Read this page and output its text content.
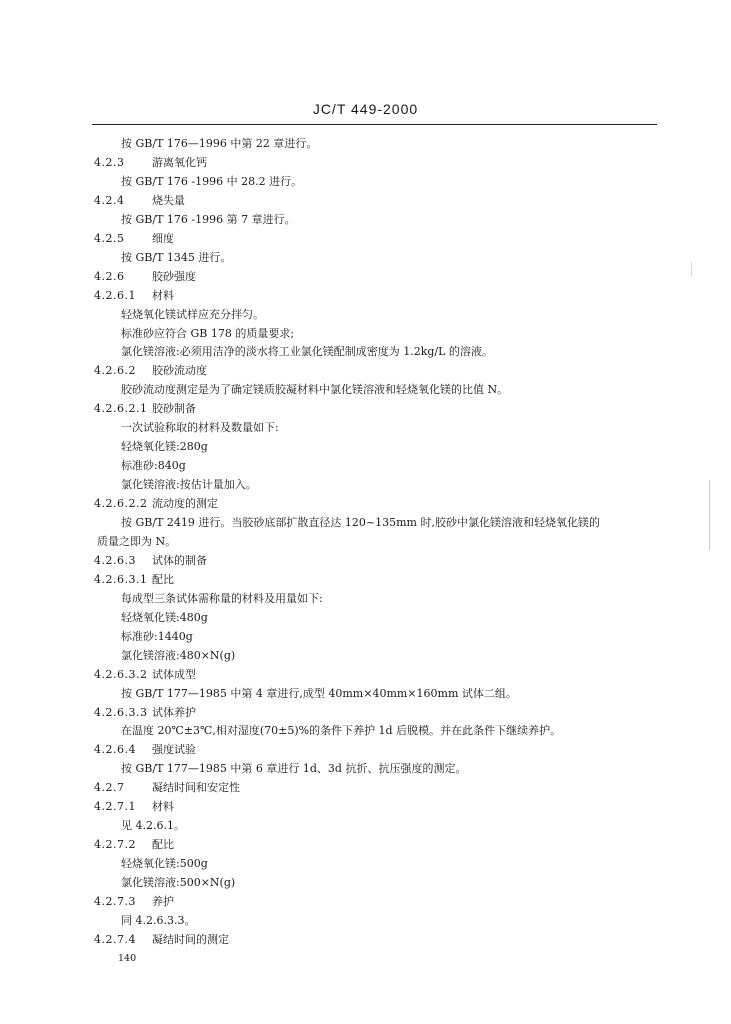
JC/T 449-2000
按 GB/T 176—1996 中第 22 章进行。
4.2.3	游离氧化钙
按 GB/T 176 -1996 中 28.2 进行。
4.2.4	烧失量
按 GB/T 176 -1996 第 7 章进行。
4.2.5	细度
按 GB/T 1345 进行。
4.2.6	胶砂强度
4.2.6.1 材料
轻烧氧化镁试样应充分拌匀。
标准砂应符合 GB 178 的质量要求;
氯化镁溶液:必须用洁净的淡水将工业氯化镁配制成密度为 1.2kg/L 的溶液。
4.2.6.2 胶砂流动度
胶砂流动度测定是为了确定镁质胶凝材料中氯化镁溶液和轻烧氧化镁的比值 N。
4.2.6.2.1 胶砂制备
一次试验称取的材料及数量如下:
轻烧氧化镁:280g
标准砂:840g
氯化镁溶液:按估计量加入。
4.2.6.2.2 流动度的测定
按 GB/T 2419 进行。当胶砂底部扩散直径达 120~135mm 时,胶砂中氯化镁溶液和轻烧氧化镁的
质量之即为 N。
4.2.6.3 试体的制备
4.2.6.3.1 配比
每成型三条试体需称量的材料及用量如下:
轻烧氧化镁:480g
标准砂:1440g
氯化镁溶液:480×N(g)
4.2.6.3.2 试体成型
按 GB/T 177—1985 中第 4 章进行,成型 40mm×40mm×160mm 试体二组。
4.2.6.3.3 试体养护
在温度 20℃±3℃,相对湿度(70±5)%的条件下养护 1d 后脱模。并在此条件下继续养护。
4.2.6.4 强度试验
按 GB/T 177—1985 中第 6 章进行 1d、3d 抗折、抗压强度的测定。
4.2.7	凝结时间和安定性
4.2.7.1 材料
见 4.2.6.1。
4.2.7.2 配比
轻烧氧化镁:500g
氯化镁溶液:500×N(g)
4.2.7.3 养护
同 4.2.6.3.3。
4.2.7.4 凝结时间的测定
140
